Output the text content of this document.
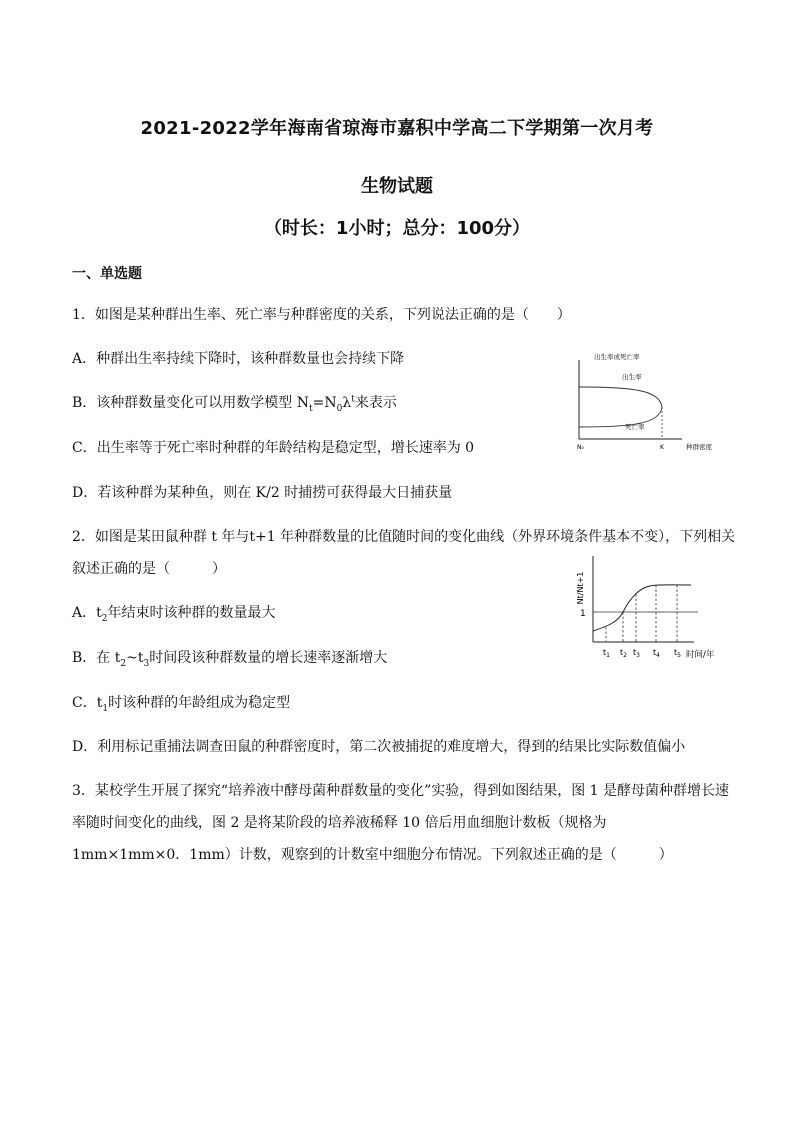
2021-2022学年海南省琼海市嘉积中学高二下学期第一次月考
生物试题
（时长：1小时；总分：100分）
一、单选题
1．如图是某种群出生率、死亡率与种群密度的关系，下列说法正确的是（　　）
A．种群出生率持续下降时，该种群数量也会持续下降
B．该种群数量变化可以用数学模型 $N_t=N_0\lambda^t$来表示
C．出生率等于死亡率时种群的年龄结构是稳定型，增长速率为 0
D．若该种群为某种鱼，则在 K/2 时捕捞可获得最大日捕获量
出生率或死亡率
出生率
死亡率
N₀	K	种群密度
2．如图是某田鼠种群 t 年与t+1 年种群数量的比值随时间的变化曲线（外界环境条件基本不变），下列相关
叙述正确的是（　　　）
A．$t_2$年结束时该种群的数量最大
B．在 $t_2\sim t_3$时间段该种群数量的增长速率逐渐增大
C．$t_1$时该种群的年龄组成为稳定型
D．利用标记重捕法调查田鼠的种群密度时，第二次被捕捉的难度增大，得到的结果比实际数值偏小
Nt/Nt+1
1
$t_1$ $t_2$ $t_3$ $t_4$ $t_5$ 时间/年
3．某校学生开展了探究“培养液中酵母菌种群数量的变化”实验，得到如图结果，图 1 是酵母菌种群增长速
率随时间变化的曲线，图 2 是将某阶段的培养液稀释 10 倍后用血细胞计数板（规格为
1mm×1mm×0．1mm）计数，观察到的计数室中细胞分布情况。下列叙述正确的是（　　　）
